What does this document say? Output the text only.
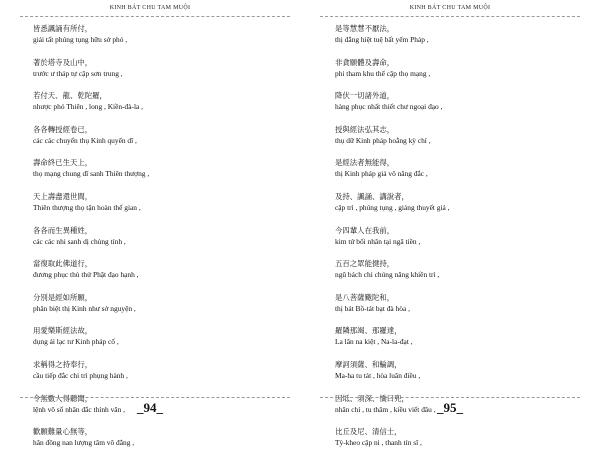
KINH BÁT CHU TAM MUỘI
皆悉諷誦有所付，
giải tất phúng tụng hữu sở phó ,
著於塔寺及山中，
trước ư tháp tự cập sơn trung ,
若付天、龍、乾陀羅，
nhược phó Thiên , long , Kiền-đà-la ,
各各轉授經卷已，
các các chuyển thụ Kinh quyển dĩ ,
壽命終已生天上，
thọ mạng chung dĩ sanh Thiên thượng ,
天上壽盡還世間，
Thiên thượng thọ tận hoàn thế gian ,
各各而生異種姓，
các các nhi sanh dị chủng tính ,
當復取此佛道行，
đương phục thủ thử Phật đạo hạnh ,
分別是經如所願，
phân biệt thị Kinh như sở nguyện ,
用愛樂斯經法故，
dụng ái lạc tư Kinh pháp cố ,
求稱得之持奉行，
cầu tiếp đắc chi trì phụng hành ,
令無數人得聽聞，
lệnh vô số nhân đắc thính văn ,
歡願難量心無等，
hân đồng nan lượng tâm vô đẳng ,
_94_
KINH BÁT CHU TAM MUỘI
是等慧慧不厭法，
thị đẳng hiệt tuệ bất yếm Pháp ,
非貪願體及壽命，
phi tham khu thể cập thọ mạng ,
降伏一切諸外道，
hàng phục nhất thiết chư ngoại đạo ,
授與經法弘其志，
thụ dữ Kinh pháp hoằng kỳ chí ,
是經法者無能得，
thị Kinh pháp giả vô năng đắc ,
及持、諷誦、講說者，
cập trì , phúng tụng , giảng thuyết giả ,
今四輩人在我前，
kim tứ bối nhân tại ngã tiền ,
五百之眾能揵持，
ngũ bách chi chúng năng khiền trì ,
是八菩薩颰陀和，
thị bát Bồ-tát bạt đà hòa ,
羅隣那竭、那羅達，
La lân na kiệt , Na-la-đạt ,
摩訶須薩、和輪調，
Ma-ha tu tát , hòa luân điều ,
因坻、須深、憍曰兜，
nhân chỉ , tu thâm , kiều viết đâu ,
比丘及尼、清信士，
Tỳ-kheo cập ni , thanh tín sĩ ,
_95_
